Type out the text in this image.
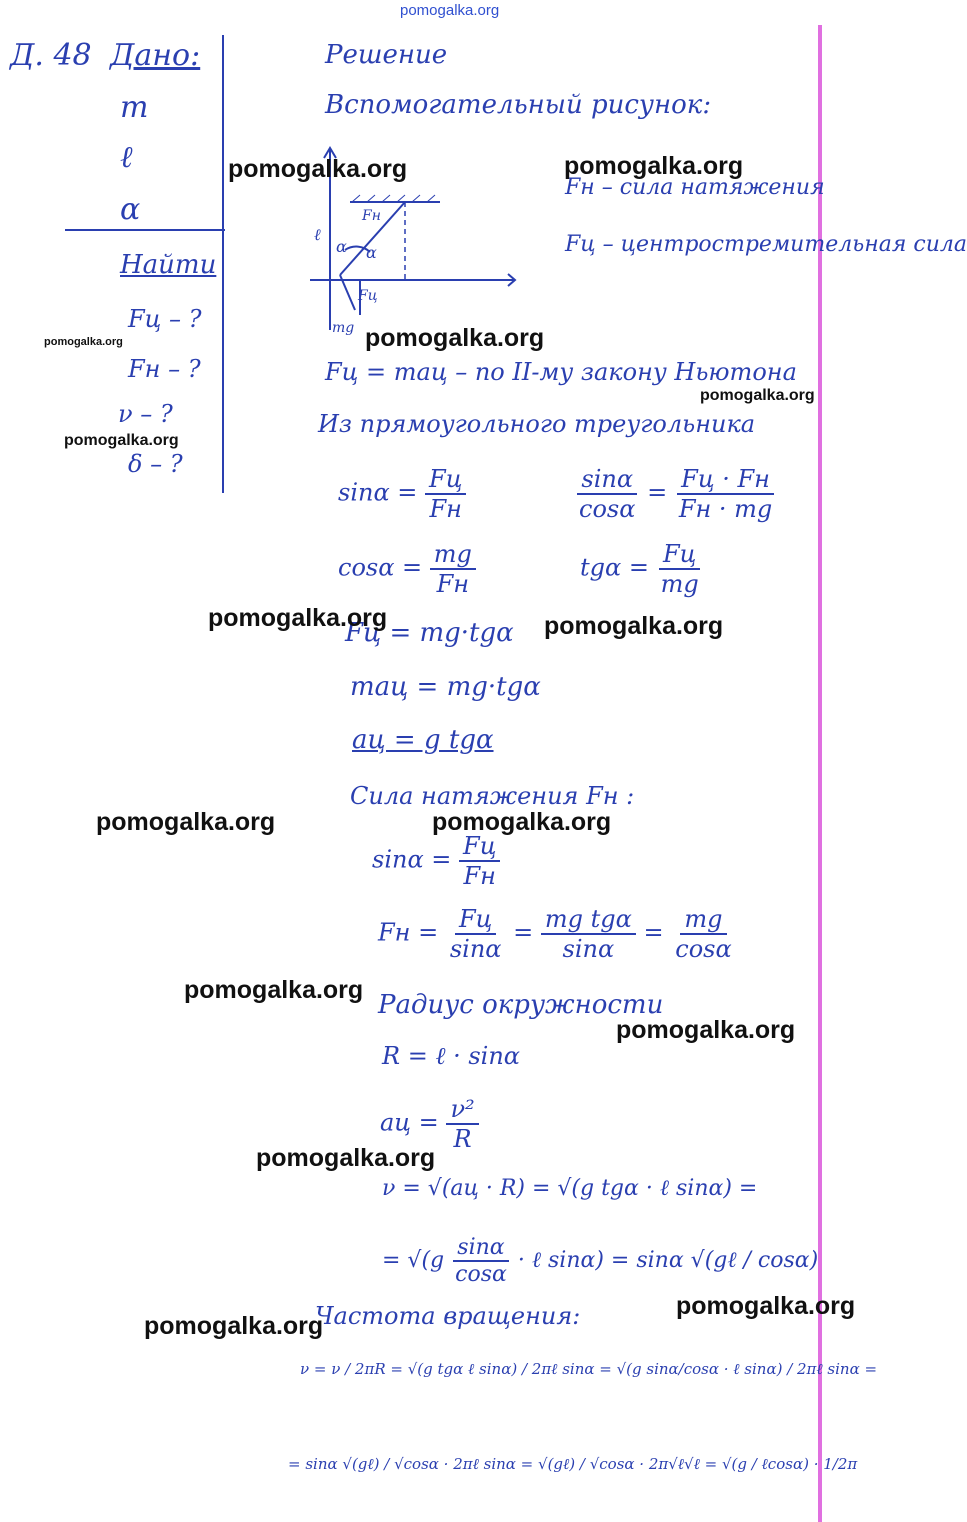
pomogalka.org
Д. 48 Дано:
m
ℓ
α
Найти
Fц – ?
Fн – ?
ν – ?
δ – ?
Решение
Вспомогательный рисунок:
Fн
α α
ℓ
Fц
mg
Fн – сила натяжения
Fц – центростремительная сила
Fц = maц – по II-му закону Ньютона
Из прямоугольного треугольника
$\sin\alpha = \frac{Fц}{Fн}$	$\frac{\sin\alpha}{\cos\alpha} = \frac{Fц \cdot Fн}{Fн \cdot mg}$
$\cos\alpha = \frac{mg}{Fн}$	$tg\alpha = \frac{Fц}{mg}$
Fц = mg·tgα
maц = mg·tgα
aц = g tgα
Сила натяжения Fн :
$\sin\alpha = \frac{Fц}{Fн}$
Fн = $\frac{Fц}{\sin\alpha} = \frac{\text{mg tgα}}{\sin\alpha} = \frac{mg}{\cos\alpha}$
Радиус окружности
R = ℓ · sinα
aц = $\frac{\text{ν²}}{R}$
ν = √(aц · R) = √(g tgα · ℓ sinα) =
= $√(g \frac{\sin\alpha}{\cos\alpha}$ · ℓ sinα) = sinα √(gℓ / cosα)
Частота вращения:
ν = ν / 2πR = √(g tgα ℓ sinα) / 2πℓ sinα = √(g sinα/cosα · ℓ sinα) / 2πℓ sinα =
= sinα √(gℓ) / √cosα · 2πℓ sinα = √(gℓ) / √cosα · 2π√ℓ√ℓ = √(g / ℓcosα) · 1/2π
pomogalka.org	pomogalka.org
pomogalka.org
pomogalka.org
pomogalka.org
pomogalka.org
pomogalka.org	pomogalka.org
pomogalka.org	pomogalka.org
pomogalka.org
pomogalka.org
pomogalka.org
pomogalka.org
pomogalka.org
